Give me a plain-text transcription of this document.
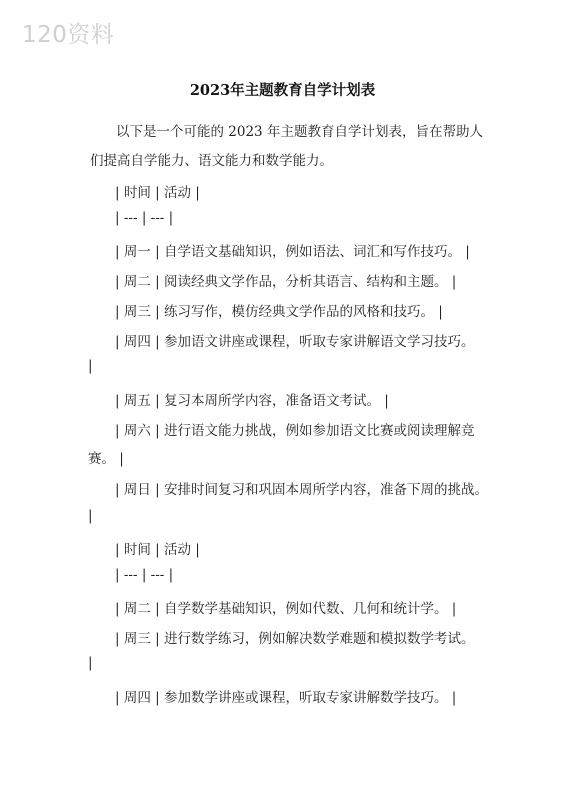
120资料
2023年主题教育自学计划表
以下是一个可能的 2023 年主题教育自学计划表，旨在帮助人
们提高自学能力、语文能力和数学能力。
| 时间 | 活动 |
| --- | --- |
| 周一 | 自学语文基础知识，例如语法、词汇和写作技巧。 |
| 周二 | 阅读经典文学作品，分析其语言、结构和主题。 |
| 周三 | 练习写作，模仿经典文学作品的风格和技巧。 |
| 周四 | 参加语文讲座或课程，听取专家讲解语文学习技巧。
|
| 周五 | 复习本周所学内容，准备语文考试。 |
| 周六 | 进行语文能力挑战，例如参加语文比赛或阅读理解竞
赛。 |
| 周日 | 安排时间复习和巩固本周所学内容，准备下周的挑战。
|
| 时间 | 活动 |
| --- | --- |
| 周二 | 自学数学基础知识，例如代数、几何和统计学。 |
| 周三 | 进行数学练习，例如解决数学难题和模拟数学考试。
|
| 周四 | 参加数学讲座或课程，听取专家讲解数学技巧。 |
